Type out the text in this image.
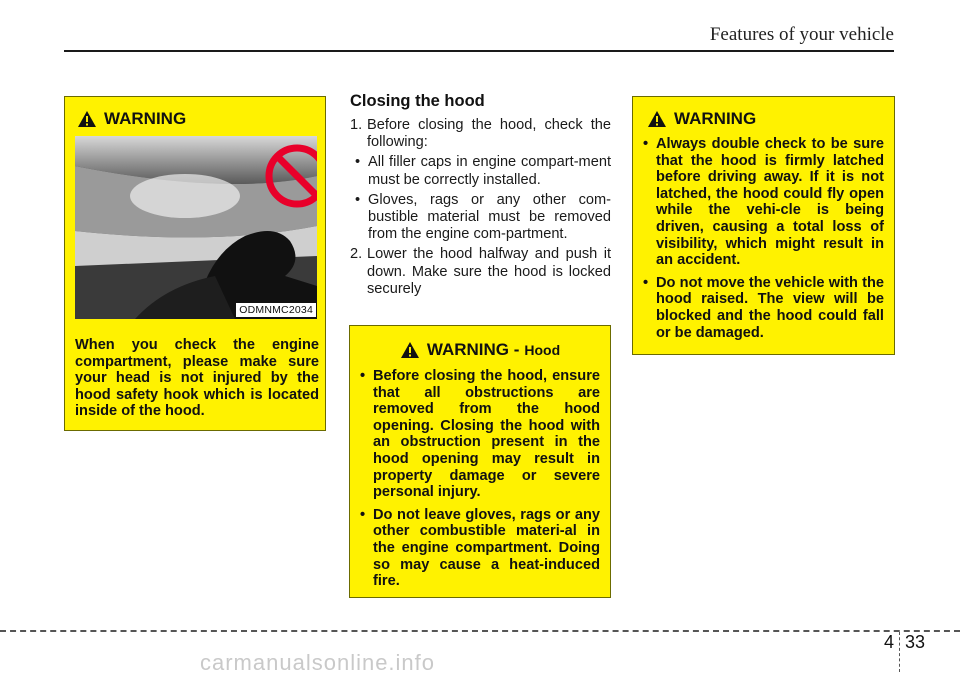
Features of your vehicle
WARNING
ODMNMC2034
When you check the engine compartment, please make sure your head is not injured by the hood safety hook which is located inside of the hood.
Closing the hood
1. Before closing the hood, check the following:
• All filler caps in engine compart-ment must be correctly installed.
• Gloves, rags or any other com-bustible material must be removed from the engine com-partment.
2. Lower the hood halfway and push it down. Make sure the hood is locked securely
WARNING - Hood
• Before closing the hood, ensure that all obstructions are removed from the hood opening. Closing the hood with an obstruction present in the hood opening may result in property damage or severe personal injury.
• Do not leave gloves, rags or any other combustible materi-al in the engine compartment. Doing so may cause a heat-induced fire.
WARNING
• Always double check to be sure that the hood is firmly latched before driving away. If it is not latched, the hood could fly open while the vehi-cle is being driven, causing a total loss of visibility, which might result in an accident.
• Do not move the vehicle with the hood raised. The view will be blocked and the hood could fall or be damaged.
4 33
carmanualsonline.info
